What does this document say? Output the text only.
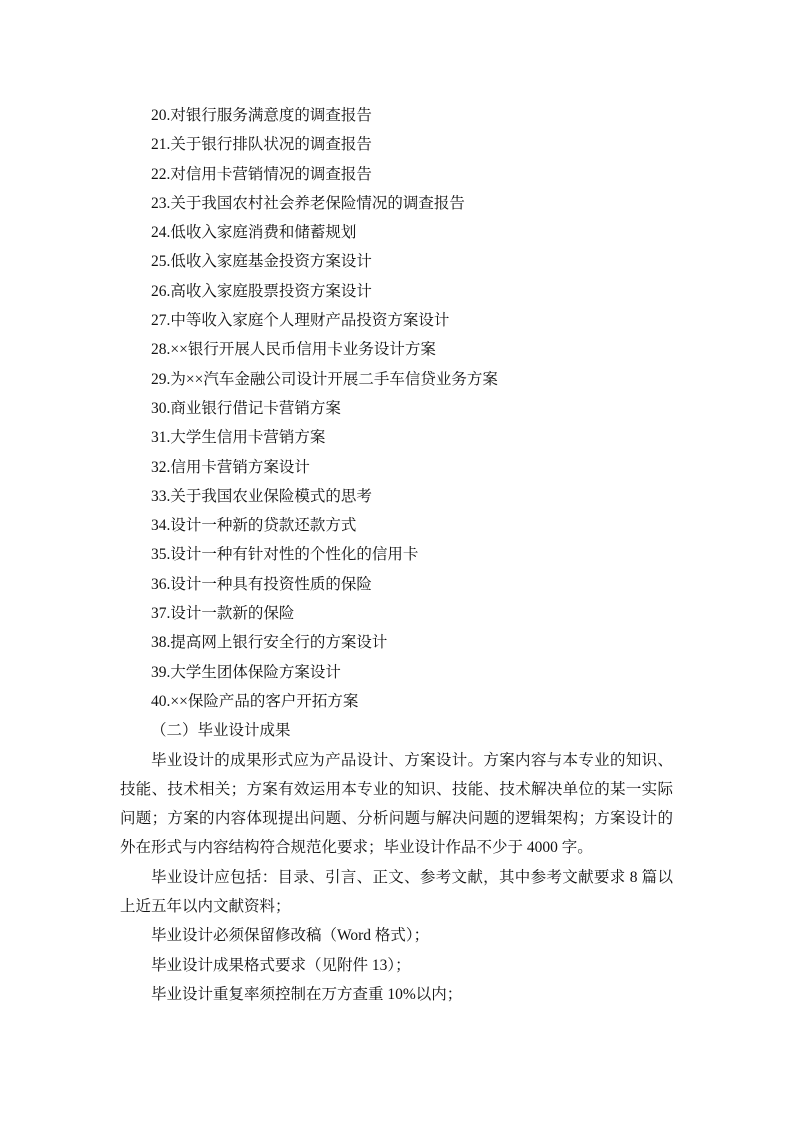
20.对银行服务满意度的调查报告
21.关于银行排队状况的调查报告
22.对信用卡营销情况的调查报告
23.关于我国农村社会养老保险情况的调查报告
24.低收入家庭消费和储蓄规划
25.低收入家庭基金投资方案设计
26.高收入家庭股票投资方案设计
27.中等收入家庭个人理财产品投资方案设计
28.××银行开展人民币信用卡业务设计方案
29.为××汽车金融公司设计开展二手车信贷业务方案
30.商业银行借记卡营销方案
31.大学生信用卡营销方案
32.信用卡营销方案设计
33.关于我国农业保险模式的思考
34.设计一种新的贷款还款方式
35.设计一种有针对性的个性化的信用卡
36.设计一种具有投资性质的保险
37.设计一款新的保险
38.提高网上银行安全行的方案设计
39.大学生团体保险方案设计
40.××保险产品的客户开拓方案
（二）毕业设计成果
毕业设计的成果形式应为产品设计、方案设计。方案内容与本专业的知识、
技能、技术相关；方案有效运用本专业的知识、技能、技术解决单位的某一实际
问题；方案的内容体现提出问题、分析问题与解决问题的逻辑架构；方案设计的
外在形式与内容结构符合规范化要求；毕业设计作品不少于 4000 字。
毕业设计应包括：目录、引言、正文、参考文献，其中参考文献要求 8 篇以
上近五年以内文献资料；
毕业设计必须保留修改稿（Word 格式）；
毕业设计成果格式要求（见附件 13）；
毕业设计重复率须控制在万方查重 10%以内；
